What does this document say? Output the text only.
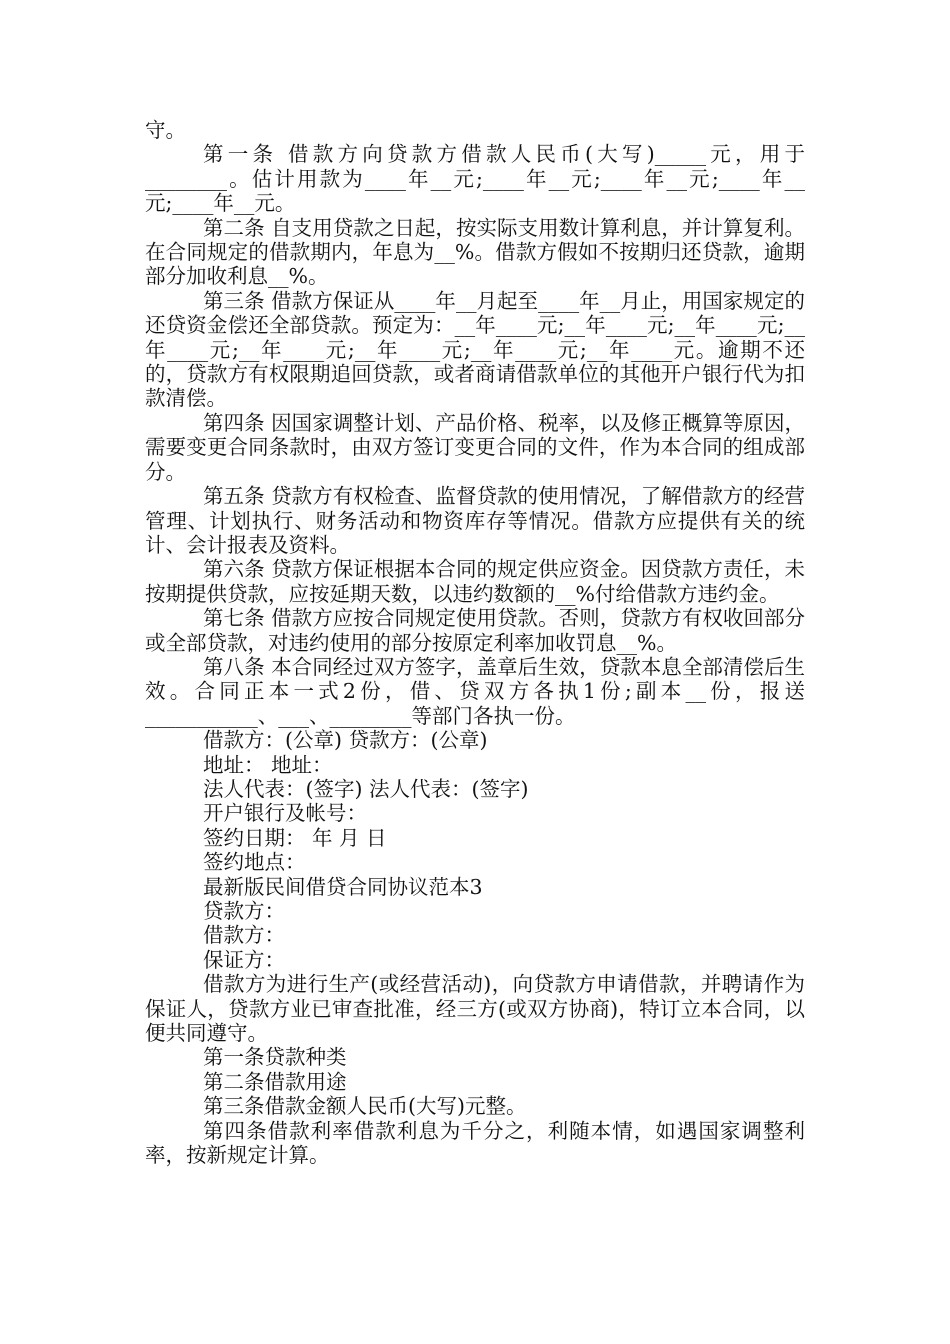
守。

第一条 借款方向贷款方借款人民币(大写)_____元，用于________。估计用款为____年__元;____年__元;____年__元;____年__元;____年__元。

第二条 自支用贷款之日起，按实际支用数计算利息，并计算复利。在合同规定的借款期内，年息为__%。借款方假如不按期归还贷款，逾期部分加收利息__%。

第三条 借款方保证从____年__月起至____年__月止，用国家规定的还贷资金偿还全部贷款。预定为：__年____元;__年____元;__年____元;__年____元;__年____元;__年____元;__年____元;__年____元。逾期不还的，贷款方有权限期追回贷款，或者商请借款单位的其他开户银行代为扣款清偿。

第四条 因国家调整计划、产品价格、税率，以及修正概算等原因，需要变更合同条款时，由双方签订变更合同的文件，作为本合同的组成部分。

第五条 贷款方有权检查、监督贷款的使用情况，了解借款方的经营管理、计划执行、财务活动和物资库存等情况。借款方应提供有关的统计、会计报表及资料。

第六条 贷款方保证根据本合同的规定供应资金。因贷款方责任，未按期提供贷款，应按延期天数，以违约数额的__%付给借款方违约金。

第七条 借款方应按合同规定使用贷款。否则，贷款方有权收回部分或全部贷款，对违约使用的部分按原定利率加收罚息__%。

第八条 本合同经过双方签字，盖章后生效，贷款本息全部清偿后生效。合同正本一式2份，借、贷双方各执1份;副本__份，报送___________、___、________等部门各执一份。

借款方：(公章) 贷款方：(公章)

地址： 地址：

法人代表：(签字) 法人代表：(签字)

开户银行及帐号：

签约日期： 年 月 日

签约地点：

最新版民间借贷合同协议范本3

贷款方：

借款方：

保证方：

借款方为进行生产(或经营活动)，向贷款方申请借款，并聘请作为保证人，贷款方业已审查批准，经三方(或双方协商)，特订立本合同，以便共同遵守。

第一条贷款种类

第二条借款用途

第三条借款金额人民币(大写)元整。

第四条借款利率借款利息为千分之，利随本情，如遇国家调整利率，按新规定计算。
